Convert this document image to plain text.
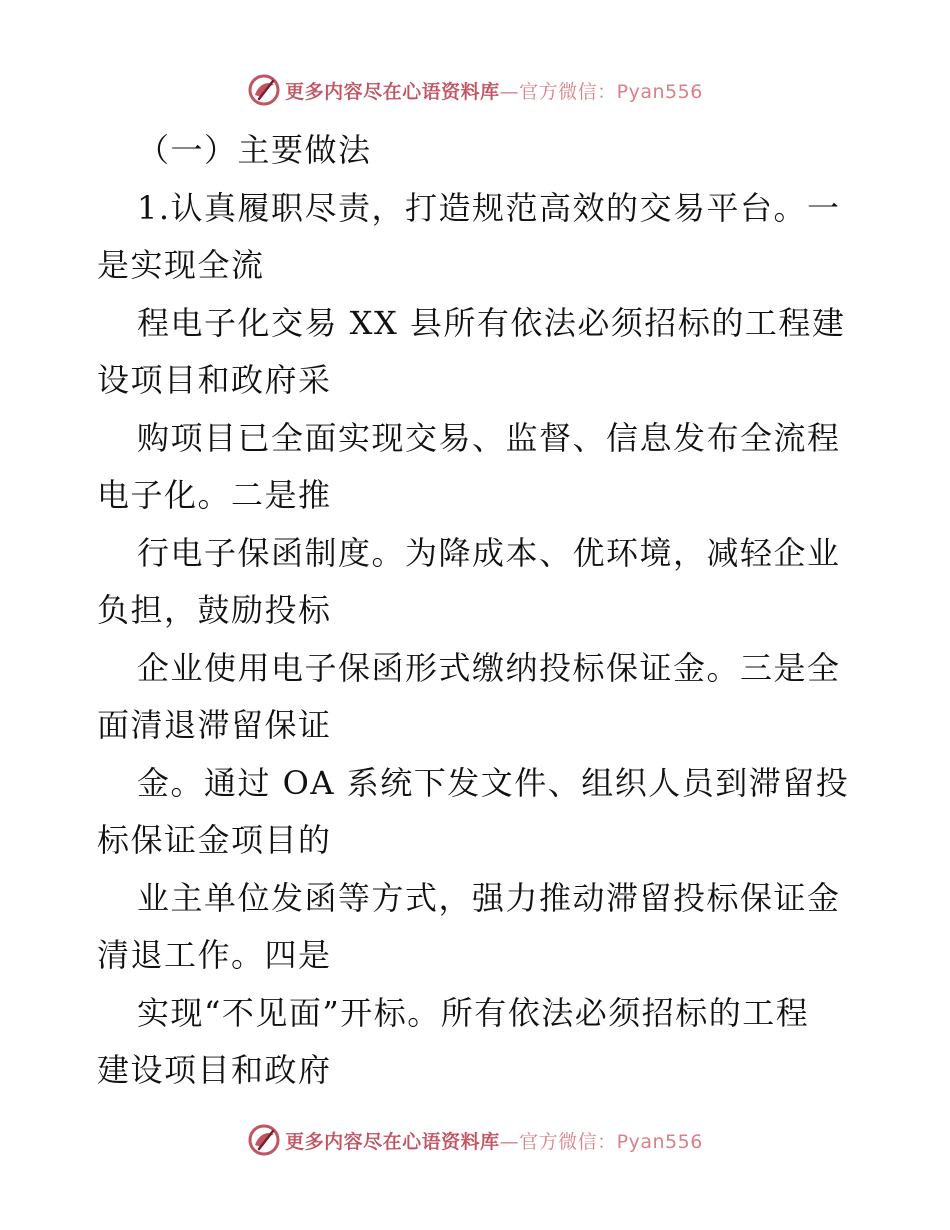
更多内容尽在心语资料库—官方微信：Pyan556
（一）主要做法
1.认真履职尽责，打造规范高效的交易平台。一
是实现全流
程电子化交易 XX 县所有依法必须招标的工程建
设项目和政府采
购项目已全面实现交易、监督、信息发布全流程
电子化。二是推
行电子保函制度。为降成本、优环境，减轻企业
负担，鼓励投标
企业使用电子保函形式缴纳投标保证金。三是全
面清退滞留保证
金。通过 OA 系统下发文件、组织人员到滞留投
标保证金项目的
业主单位发函等方式，强力推动滞留投标保证金
清退工作。四是
实现“不见面”开标。所有依法必须招标的工程
建设项目和政府
更多内容尽在心语资料库—官方微信：Pyan556
